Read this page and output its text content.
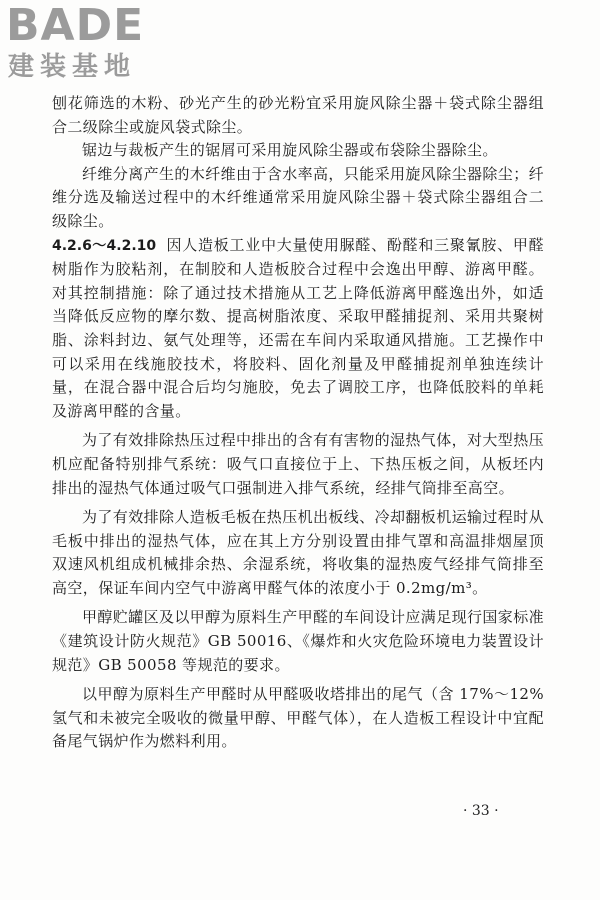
BADE
建装基地

刨花筛选的木粉、砂光产生的砂光粉宜采用旋风除尘器＋袋式除尘器组合二级除尘或旋风袋式除尘。

锯边与裁板产生的锯屑可采用旋风除尘器或布袋除尘器除尘。

纤维分离产生的木纤维由于含水率高，只能采用旋风除尘器除尘；纤维分选及输送过程中的木纤维通常采用旋风除尘器＋袋式除尘器组合二级除尘。

4.2.6～4.2.10 因人造板工业中大量使用脲醛、酚醛和三聚氰胺、甲醛树脂作为胶粘剂，在制胶和人造板胶合过程中会逸出甲醇、游离甲醛。对其控制措施：除了通过技术措施从工艺上降低游离甲醛逸出外，如适当降低反应物的摩尔数、提高树脂浓度、采取甲醛捕捉剂、采用共聚树脂、涂料封边、氨气处理等，还需在车间内采取通风措施。工艺操作中可以采用在线施胶技术，将胶料、固化剂量及甲醛捕捉剂单独连续计量，在混合器中混合后均匀施胶，免去了调胶工序，也降低胶料的单耗及游离甲醛的含量。

为了有效排除热压过程中排出的含有有害物的湿热气体，对大型热压机应配备特别排气系统：吸气口直接位于上、下热压板之间，从板坯内排出的湿热气体通过吸气口强制进入排气系统，经排气筒排至高空。

为了有效排除人造板毛板在热压机出板线、冷却翻板机运输过程时从毛板中排出的湿热气体，应在其上方分别设置由排气罩和高温排烟屋顶双速风机组成机械排余热、余湿系统，将收集的湿热废气经排气筒排至高空，保证车间内空气中游离甲醛气体的浓度小于 0.2mg/m³。

甲醇贮罐区及以甲醇为原料生产甲醛的车间设计应满足现行国家标准《建筑设计防火规范》GB 50016、《爆炸和火灾危险环境电力装置设计规范》GB 50058 等规范的要求。

以甲醇为原料生产甲醛时从甲醛吸收塔排出的尾气（含 17%～12%氢气和未被完全吸收的微量甲醇、甲醛气体），在人造板工程设计中宜配备尾气锅炉作为燃料利用。

· 33 ·
